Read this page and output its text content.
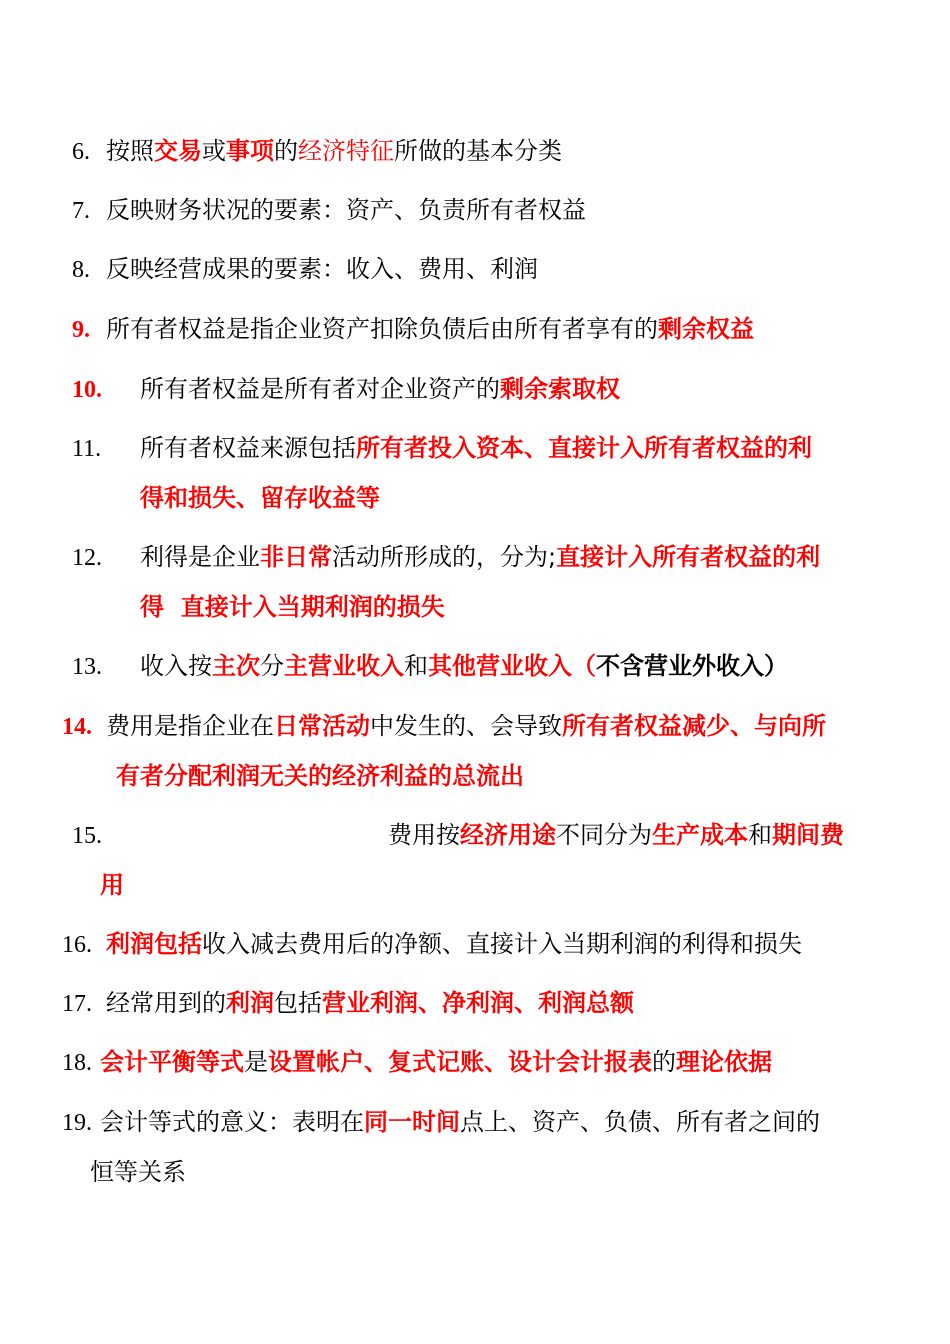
6. 按照交易或事项的经济特征所做的基本分类
7. 反映财务状况的要素：资产、负责所有者权益
8. 反映经营成果的要素：收入、费用、利润
9. 所有者权益是指企业资产扣除负债后由所有者享有的剩余权益
10. 所有者权益是所有者对企业资产的剩余索取权
11. 所有者权益来源包括所有者投入资本、直接计入所有者权益的利
得和损失、留存收益等
12. 利得是企业非日常活动所形成的，分为;直接计入所有者权益的利
得  直接计入当期利润的损失
13. 收入按主次分主营业收入和其他营业收入（不含营业外收入）
14. 费用是指企业在日常活动中发生的、会导致所有者权益减少、与向所
有者分配利润无关的经济利益的总流出
15.	费用按经济用途不同分为生产成本和期间费
用
16. 利润包括收入减去费用后的净额、直接计入当期利润的利得和损失
17. 经常用到的利润包括营业利润、净利润、利润总额
18. 会计平衡等式是设置帐户、复式记账、设计会计报表的理论依据
19. 会计等式的意义：表明在同一时间点上、资产、负债、所有者之间的
恒等关系
